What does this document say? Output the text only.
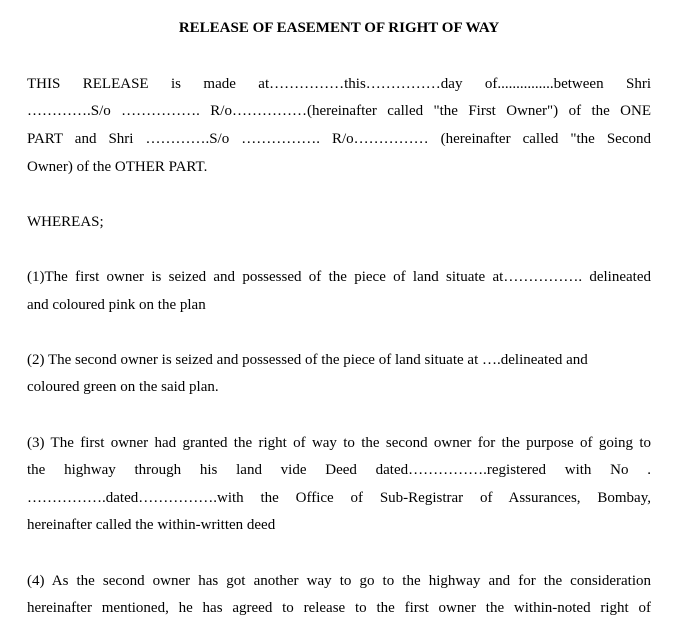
RELEASE OF EASEMENT OF RIGHT OF WAY
THIS RELEASE is made at……………this……………day of...............between Shri
………….S/o ……………. R/o……………(hereinafter called "the First Owner") of the ONE
PART and Shri ………….S/o ……………. R/o…………… (hereinafter called "the Second
Owner) of the OTHER PART.
WHEREAS;
(1)The first owner is seized and possessed of the piece of land situate at……………. delineated
and coloured pink on the plan
(2) The second owner is seized and possessed of the piece of land situate at ….delineated and
coloured green on the said plan.
(3) The first owner had granted the right of way to the second owner for the purpose of going to
the highway through his land vide Deed dated…………….registered with No .
…………….dated…………….with the Office of Sub-Registrar of Assurances, Bombay,
hereinafter called the within-written deed
(4) As the second owner has got another way to go to the highway and for the consideration
hereinafter mentioned, he has agreed to release to the first owner the within-noted right of
